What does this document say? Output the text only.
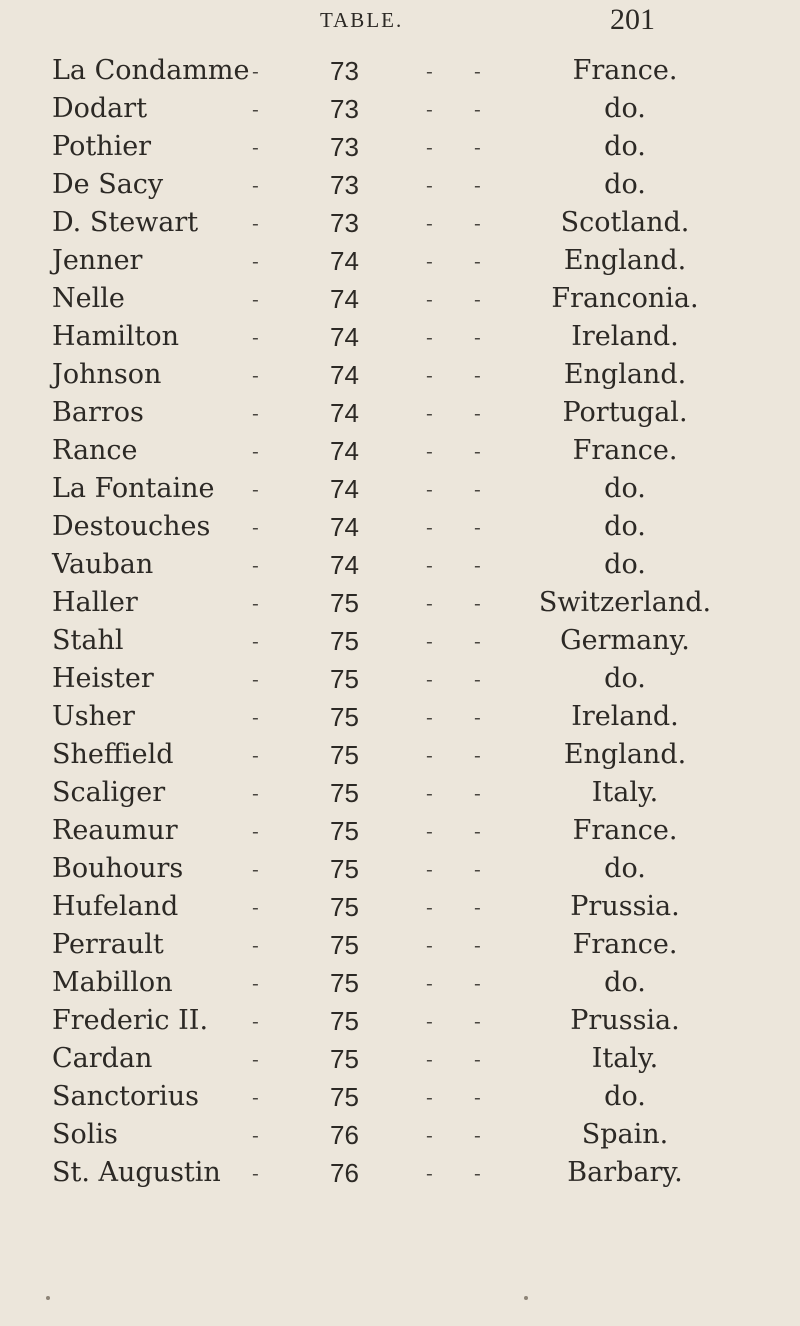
TABLE.	201
La Condamme -	73	- -	France.
Dodart	-	73	- -	do.
Pothier	-	73	- -	do.
De Sacy	-	73	- -	do.
D. Stewart	-	73	- -	Scotland.
Jenner	-	74	- -	England.
Nelle	-	74	- -	Franconia.
Hamilton	-	74	- -	Ireland.
Johnson	-	74	- -	England.
Barros	-	74	- -	Portugal.
Rance	-	74	- -	France.
La Fontaine	-	74	- -	do.
Destouches	-	74	- -	do.
Vauban	-	74	- -	do.
Haller	-	75	- -	Switzerland.
Stahl	-	75	- -	Germany.
Heister	-	75	- -	do.
Usher	-	75	- -	Ireland.
Sheffield	-	75	- -	England.
Scaliger	-	75	- -	Italy.
Reaumur	-	75	- -	France.
Bouhours	-	75	- -	do.
Hufeland	-	75	- -	Prussia.
Perrault	-	75	- -	France.
Mabillon	-	75	- -	do.
Frederic II.	-	75	- -	Prussia.
Cardan	-	75	- -	Italy.
Sanctorius	-	75	- -	do.
Solis	-	76	- -	Spain.
St. Augustin	-	76	- -	Barbary.
